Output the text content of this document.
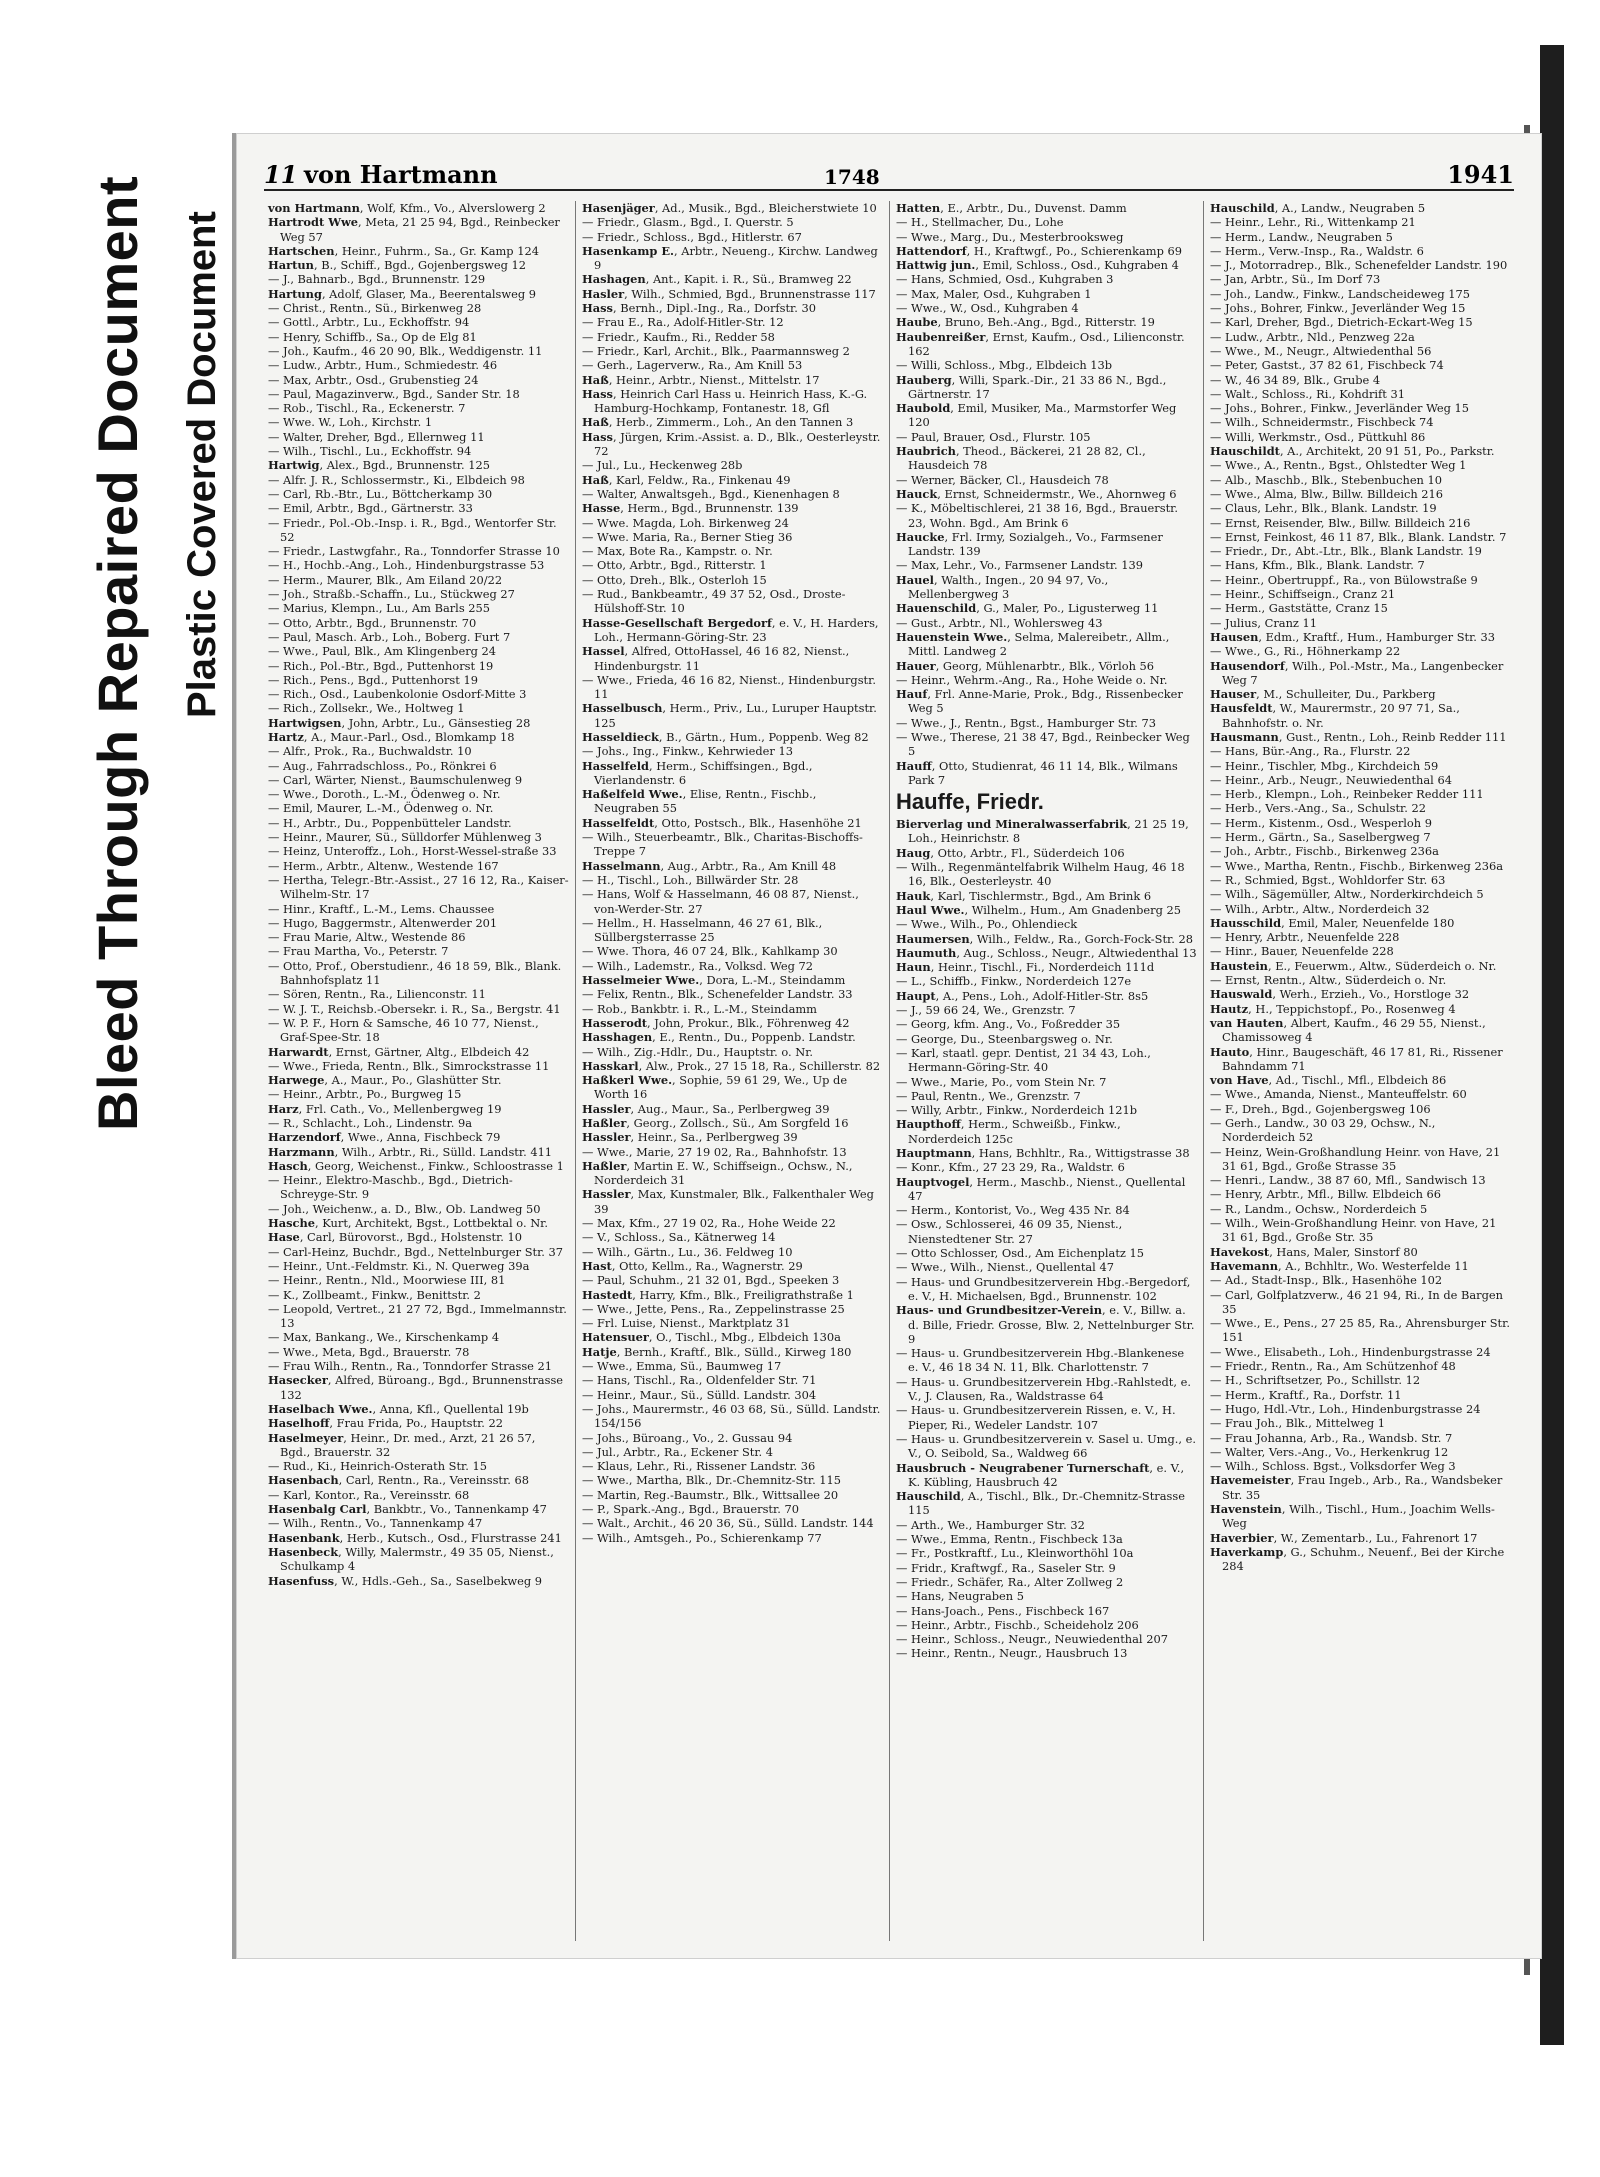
Bleed Through Repaired Document Plastic Covered Document
11 von Hartmann	1748	1941
von Hartmann, Wolf, Kfm., Vo., Alverslowerg 2
Hartrodt Wwe, Meta, 21 25 94, Bgd., Reinbecker Weg 57
Hartschen, Heinr., Fuhrm., Sa., Gr. Kamp 124
Hartun, B., Schiff., Bgd., Gojenbergsweg 12
— J., Bahnarb., Bgd., Brunnenstr. 129
Hartung, Adolf, Glaser, Ma., Beerentalsweg 9
— Christ., Rentn., Sü., Birkenweg 28
— Gottl., Arbtr., Lu., Eckhoffstr. 94
— Henry, Schiffb., Sa., Op de Elg 81
— Joh., Kaufm., 46 20 90, Blk., Weddigenstr. 11
— Ludw., Arbtr., Hum., Schmiedestr. 46
— Max, Arbtr., Osd., Grubenstieg 24
— Paul, Magazinverw., Bgd., Sander Str. 18
— Rob., Tischl., Ra., Eckenerstr. 7
— Wwe. W., Loh., Kirchstr. 1
— Walter, Dreher, Bgd., Ellernweg 11
— Wilh., Tischl., Lu., Eckhoffstr. 94
Hartwig, Alex., Bgd., Brunnenstr. 125
— Alfr. J. R., Schlossermstr., Ki., Elbdeich 98
— Carl, Rb.-Btr., Lu., Böttcherkamp 30
— Emil, Arbtr., Bgd., Gärtnerstr. 33
— Friedr., Pol.-Ob.-Insp. i. R., Bgd., Wentorfer Str. 52
— Friedr., Lastwgfahr., Ra., Tonndorfer Strasse 10
— H., Hochb.-Ang., Loh., Hindenburgstrasse 53
— Herm., Maurer, Blk., Am Eiland 20/22
— Joh., Straßb.-Schaffn., Lu., Stückweg 27
— Marius, Klempn., Lu., Am Barls 255
— Otto, Arbtr., Bgd., Brunnenstr. 70
— Paul, Masch. Arb., Loh., Boberg. Furt 7
— Wwe., Paul, Blk., Am Klingenberg 24
— Rich., Pol.-Btr., Bgd., Puttenhorst 19
— Rich., Pens., Bgd., Puttenhorst 19
— Rich., Osd., Laubenkolonie Osdorf-Mitte 3
— Rich., Zollsekr., We., Holtweg 1
Hartwigsen, John, Arbtr., Lu., Gänsestieg 28
Hartz, A., Maur.-Parl., Osd., Blomkamp 18
— Alfr., Prok., Ra., Buchwaldstr. 10
— Aug., Fahrradschloss., Po., Rönkrei 6
— Carl, Wärter, Nienst., Baumschulenweg 9
— Wwe., Doroth., L.-M., Ödenweg o. Nr.
— Emil, Maurer, L.-M., Ödenweg o. Nr.
— H., Arbtr., Du., Poppenbütteler Landstr.
— Heinr., Maurer, Sü., Sülldorfer Mühlenweg 3
— Heinz, Unteroffz., Loh., Horst-Wessel-straße 33
— Herm., Arbtr., Altenw., Westende 167
— Hertha, Telegr.-Btr.-Assist., 27 16 12, Ra., Kaiser-Wilhelm-Str. 17
— Hinr., Kraftf., L.-M., Lems. Chaussee
— Hugo, Baggermstr., Altenwerder 201
— Frau Marie, Altw., Westende 86
— Frau Martha, Vo., Peterstr. 7
— Otto, Prof., Oberstudienr., 46 18 59, Blk., Blank. Bahnhofsplatz 11
— Sören, Rentn., Ra., Lilienconstr. 11
— W. J. T., Reichsb.-Obersekr. i. R., Sa., Bergstr. 41
— W. P. F., Horn & Samsche, 46 10 77, Nienst., Graf-Spee-Str. 18
Harwardt, Ernst, Gärtner, Altg., Elbdeich 42
— Wwe., Frieda, Rentn., Blk., Simrockstrasse 11
Harwege, A., Maur., Po., Glashütter Str.
— Heinr., Arbtr., Po., Burgweg 15
Harz, Frl. Cath., Vo., Mellenbergweg 19
— R., Schlacht., Loh., Lindenstr. 9a
Harzendorf, Wwe., Anna, Fischbeck 79
Harzmann, Wilh., Arbtr., Ri., Sülld. Landstr. 411
Hasch, Georg, Weichenst., Finkw., Schloostrasse 1
— Heinr., Elektro-Maschb., Bgd., Dietrich-Schreyge-Str. 9
— Joh., Weichenw., a. D., Blw., Ob. Landweg 50
Hasche, Kurt, Architekt, Bgst., Lottbektal o. Nr.
Hase, Carl, Bürovorst., Bgd., Holstenstr. 10
— Carl-Heinz, Buchdr., Bgd., Nettelnburger Str. 37
— Heinr., Unt.-Feldmstr. Ki., N. Querweg 39a
— Heinr., Rentn., Nld., Moorwiese III, 81
— K., Zollbeamt., Finkw., Benittstr. 2
— Leopold, Vertret., 21 27 72, Bgd., Immelmannstr. 13
— Max, Bankang., We., Kirschenkamp 4
— Wwe., Meta, Bgd., Brauerstr. 78
— Frau Wilh., Rentn., Ra., Tonndorfer Strasse 21
Hasecker, Alfred, Büroang., Bgd., Brunnenstrasse 132
Haselbach Wwe., Anna, Kfl., Quellental 19b
Haselhoff, Frau Frida, Po., Hauptstr. 22
Haselmeyer, Heinr., Dr. med., Arzt, 21 26 57, Bgd., Brauerstr. 32
— Rud., Ki., Heinrich-Osterath Str. 15
Hasenbach, Carl, Rentn., Ra., Vereinsstr. 68
— Karl, Kontor., Ra., Vereinsstr. 68
Hasenbalg Carl, Bankbtr., Vo., Tannenkamp 47
— Wilh., Rentn., Vo., Tannenkamp 47
Hasenbank, Herb., Kutsch., Osd., Flurstrasse 241
Hasenbeck, Willy, Malermstr., 49 35 05, Nienst., Schulkamp 4
Hasenfuss, W., Hdls.-Geh., Sa., Saselbekweg 9
Hasenjäger, Ad., Musik., Bgd., Bleicherstwiete 10
— Friedr., Glasm., Bgd., I. Querstr. 5
— Friedr., Schloss., Bgd., Hitlerstr. 67
Hasenkamp E., Arbtr., Neueng., Kirchw. Landweg 9
Hashagen, Ant., Kapit. i. R., Sü., Bramweg 22
Hasler, Wilh., Schmied, Bgd., Brunnenstrasse 117
Hass, Bernh., Dipl.-Ing., Ra., Dorfstr. 30
— Frau E., Ra., Adolf-Hitler-Str. 12
— Friedr., Kaufm., Ri., Redder 58
— Friedr., Karl, Archit., Blk., Paarmannsweg 2
— Gerh., Lagerverw., Ra., Am Knill 53
Haß, Heinr., Arbtr., Nienst., Mittelstr. 17
Hass, Heinrich Carl Hass u. Heinrich Hass, K.-G. Hamburg-Hochkamp, Fontanestr. 18, Gfl
Haß, Herb., Zimmerm., Loh., An den Tannen 3
Hass, Jürgen, Krim.-Assist. a. D., Blk., Oesterleystr. 72
— Jul., Lu., Heckenweg 28b
Haß, Karl, Feldw., Ra., Finkenau 49
— Walter, Anwaltsgeh., Bgd., Kienenhagen 8
Hasse, Herm., Bgd., Brunnenstr. 139
— Wwe. Magda, Loh. Birkenweg 24
— Wwe. Maria, Ra., Berner Stieg 36
— Max, Bote Ra., Kampstr. o. Nr.
— Otto, Arbtr., Bgd., Ritterstr. 1
— Otto, Dreh., Blk., Osterloh 15
— Rud., Bankbeamtr., 49 37 52, Osd., Droste-Hülshoff-Str. 10
Hasse-Gesellschaft Bergedorf, e. V., H. Harders, Loh., Hermann-Göring-Str. 23
Hassel, Alfred, OttoHassel, 46 16 82, Nienst., Hindenburgstr. 11
— Wwe., Frieda, 46 16 82, Nienst., Hindenburgstr. 11
Hasselbusch, Herm., Priv., Lu., Luruper Hauptstr. 125
Hasseldieck, B., Gärtn., Hum., Poppenb. Weg 82
— Johs., Ing., Finkw., Kehrwieder 13
Hasselfeld, Herm., Schiffsingen., Bgd., Vierlandenstr. 6
Haßelfeld Wwe., Elise, Rentn., Fischb., Neugraben 55
Hasselfeldt, Otto, Postsch., Blk., Hasenhöhe 21
— Wilh., Steuerbeamtr., Blk., Charitas-Bischoffs-Treppe 7
Hasselmann, Aug., Arbtr., Ra., Am Knill 48
— H., Tischl., Loh., Billwärder Str. 28
— Hans, Wolf & Hasselmann, 46 08 87, Nienst., von-Werder-Str. 27
— Hellm., H. Hasselmann, 46 27 61, Blk., Süllbergsterrasse 25
— Wwe. Thora, 46 07 24, Blk., Kahlkamp 30
— Wilh., Lademstr., Ra., Volksd. Weg 72
Hasselmeier Wwe., Dora, L.-M., Steindamm
— Felix, Rentn., Blk., Schenefelder Landstr. 33
— Rob., Bankbtr. i. R., L.-M., Steindamm
Hasserodt, John, Prokur., Blk., Föhrenweg 42
Hasshagen, E., Rentn., Du., Poppenb. Landstr.
— Wilh., Zig.-Hdlr., Du., Hauptstr. o. Nr.
Hasskarl, Alw., Prok., 27 15 18, Ra., Schillerstr. 82
Haßkerl Wwe., Sophie, 59 61 29, We., Up de Worth 16
Hassler, Aug., Maur., Sa., Perlbergweg 39
Haßler, Georg., Zollsch., Sü., Am Sorgfeld 16
Hassler, Heinr., Sa., Perlbergweg 39
— Wwe., Marie, 27 19 02, Ra., Bahnhofstr. 13
Haßler, Martin E. W., Schiffseign., Ochsw., N., Norderdeich 31
Hassler, Max, Kunstmaler, Blk., Falkenthaler Weg 39
— Max, Kfm., 27 19 02, Ra., Hohe Weide 22
— V., Schloss., Sa., Kätnerweg 14
— Wilh., Gärtn., Lu., 36. Feldweg 10
Hast, Otto, Kellm., Ra., Wagnerstr. 29
— Paul, Schuhm., 21 32 01, Bgd., Speeken 3
Hastedt, Harry, Kfm., Blk., Freiligrathstraße 1
— Wwe., Jette, Pens., Ra., Zeppelinstrasse 25
— Frl. Luise, Nienst., Marktplatz 31
Hatensuer, O., Tischl., Mbg., Elbdeich 130a
Hatje, Bernh., Kraftf., Blk., Sülld., Kirweg 180
— Wwe., Emma, Sü., Baumweg 17
— Hans, Tischl., Ra., Oldenfelder Str. 71
— Heinr., Maur., Sü., Sülld. Landstr. 304
— Johs., Maurermstr., 46 03 68, Sü., Sülld. Landstr. 154/156
— Johs., Büroang., Vo., 2. Gussau 94
— Jul., Arbtr., Ra., Eckener Str. 4
— Klaus, Lehr., Ri., Rissener Landstr. 36
— Wwe., Martha, Blk., Dr.-Chemnitz-Str. 115
— Martin, Reg.-Baumstr., Blk., Wittsallee 20
— P., Spark.-Ang., Bgd., Brauerstr. 70
— Walt., Archit., 46 20 36, Sü., Sülld. Landstr. 144
— Wilh., Amtsgeh., Po., Schierenkamp 77
Hatten, E., Arbtr., Du., Duvenst. Damm
— H., Stellmacher, Du., Lohe
— Wwe., Marg., Du., Mesterbrooksweg
Hattendorf, H., Kraftwgf., Po., Schierenkamp 69
Hattwig jun., Emil, Schloss., Osd., Kuhgraben 4
— Hans, Schmied, Osd., Kuhgraben 3
— Max, Maler, Osd., Kuhgraben 1
— Wwe., W., Osd., Kuhgraben 4
Haube, Bruno, Beh.-Ang., Bgd., Ritterstr. 19
Haubenreißer, Ernst, Kaufm., Osd., Lilienconstr. 162
— Willi, Schloss., Mbg., Elbdeich 13b
Hauberg, Willi, Spark.-Dir., 21 33 86 N., Bgd., Gärtnerstr. 17
Haubold, Emil, Musiker, Ma., Marmstorfer Weg 120
— Paul, Brauer, Osd., Flurstr. 105
Haubrich, Theod., Bäckerei, 21 28 82, Cl., Hausdeich 78
— Werner, Bäcker, Cl., Hausdeich 78
Hauck, Ernst, Schneidermstr., We., Ahornweg 6
— K., Möbeltischlerei, 21 38 16, Bgd., Brauerstr. 23, Wohn. Bgd., Am Brink 6
Haucke, Frl. Irmy, Sozialgeh., Vo., Farmsener Landstr. 139
— Max, Lehr., Vo., Farmsener Landstr. 139
Hauel, Walth., Ingen., 20 94 97, Vo., Mellenbergweg 3
Hauenschild, G., Maler, Po., Ligusterweg 11
— Gust., Arbtr., Nl., Wohlersweg 43
Hauenstein Wwe., Selma, Malereibetr., Allm., Mittl. Landweg 2
Hauer, Georg, Mühlenarbtr., Blk., Vörloh 56
— Heinr., Wehrm.-Ang., Ra., Hohe Weide o. Nr.
Hauf, Frl. Anne-Marie, Prok., Bdg., Rissenbecker Weg 5
— Wwe., J., Rentn., Bgst., Hamburger Str. 73
— Wwe., Therese, 21 38 47, Bgd., Reinbecker Weg 5
Hauff, Otto, Studienrat, 46 11 14, Blk., Wilmans Park 7
Hauffe, Friedr.
Bierverlag und Mineralwasserfabrik, 21 25 19, Loh., Heinrichstr. 8
Haug, Otto, Arbtr., Fl., Süderdeich 106
— Wilh., Regenmäntelfabrik Wilhelm Haug, 46 18 16, Blk., Oesterleystr. 40
Hauk, Karl, Tischlermstr., Bgd., Am Brink 6
Haul Wwe., Wilhelm., Hum., Am Gnadenberg 25
— Wwe., Wilh., Po., Ohlendieck
Haumersen, Wilh., Feldw., Ra., Gorch-Fock-Str. 28
Haumuth, Aug., Schloss., Neugr., Altwiedenthal 13
Haun, Heinr., Tischl., Fi., Norderdeich 111d
— L., Schiffb., Finkw., Norderdeich 127e
Haupt, A., Pens., Loh., Adolf-Hitler-Str. 8s5
— J., 59 66 24, We., Grenzstr. 7
— Georg, kfm. Ang., Vo., Foßredder 35
— George, Du., Steenbargsweg o. Nr.
— Karl, staatl. gepr. Dentist, 21 34 43, Loh., Hermann-Göring-Str. 40
— Wwe., Marie, Po., vom Stein Nr. 7
— Paul, Rentn., We., Grenzstr. 7
— Willy, Arbtr., Finkw., Norderdeich 121b
Haupthoff, Herm., Schweißb., Finkw., Norderdeich 125c
Hauptmann, Hans, Bchhltr., Ra., Wittigstrasse 38
— Konr., Kfm., 27 23 29, Ra., Waldstr. 6
Hauptvogel, Herm., Maschb., Nienst., Quellental 47
— Herm., Kontorist, Vo., Weg 435 Nr. 84
— Osw., Schlosserei, 46 09 35, Nienst., Nienstedtener Str. 27
— Otto Schlosser, Osd., Am Eichenplatz 15
— Wwe., Wilh., Nienst., Quellental 47
— Haus- und Grundbesitzerverein Hbg.-Bergedorf, e. V., H. Michaelsen, Bgd., Brunnenstr. 102
Haus- und Grundbesitzer-Verein, e. V., Billw. a. d. Bille, Friedr. Grosse, Blw. 2, Nettelnburger Str. 9
— Haus- u. Grundbesitzerverein Hbg.-Blankenese e. V., 46 18 34 N. 11, Blk. Charlottenstr. 7
— Haus- u. Grundbesitzerverein Hbg.-Rahlstedt, e. V., J. Clausen, Ra., Waldstrasse 64
— Haus- u. Grundbesitzerverein Rissen, e. V., H. Pieper, Ri., Wedeler Landstr. 107
— Haus- u. Grundbesitzerverein v. Sasel u. Umg., e. V., O. Seibold, Sa., Waldweg 66
Hausbruch - Neugrabener Turnerschaft, e. V., K. Kübling, Hausbruch 42
Hauschild, A., Tischl., Blk., Dr.-Chemnitz-Strasse 115
— Arth., We., Hamburger Str. 32
— Wwe., Emma, Rentn., Fischbeck 13a
— Fr., Postkraftf., Lu., Kleinworthöhl 10a
— Fridr., Kraftwgf., Ra., Saseler Str. 9
— Friedr., Schäfer, Ra., Alter Zollweg 2
— Hans, Neugraben 5
— Hans-Joach., Pens., Fischbeck 167
— Heinr., Arbtr., Fischb., Scheideholz 206
— Heinr., Schloss., Neugr., Neuwiedenthal 207
— Heinr., Rentn., Neugr., Hausbruch 13
Hauschild, A., Landw., Neugraben 5
— Heinr., Lehr., Ri., Wittenkamp 21
— Herm., Landw., Neugraben 5
— Herm., Verw.-Insp., Ra., Waldstr. 6
— J., Motorradrep., Blk., Schenefelder Landstr. 190
— Jan, Arbtr., Sü., Im Dorf 73
— Joh., Landw., Finkw., Landscheideweg 175
— Johs., Bohrer, Finkw., Jeverländer Weg 15
— Karl, Dreher, Bgd., Dietrich-Eckart-Weg 15
— Ludw., Arbtr., Nld., Penzweg 22a
— Wwe., M., Neugr., Altwiedenthal 56
— Peter, Gastst., 37 82 61, Fischbeck 74
— W., 46 34 89, Blk., Grube 4
— Walt., Schloss., Ri., Kohdrift 31
— Johs., Bohrer., Finkw., Jeverländer Weg 15
— Wilh., Schneidermstr., Fischbeck 74
— Willi, Werkmstr., Osd., Püttkuhl 86
Hauschildt, A., Architekt, 20 91 51, Po., Parkstr.
— Wwe., A., Rentn., Bgst., Ohlstedter Weg 1
— Alb., Maschb., Blk., Stebenbuchen 10
— Wwe., Alma, Blw., Billw. Billdeich 216
— Claus, Lehr., Blk., Blank. Landstr. 19
— Ernst, Reisender, Blw., Billw. Billdeich 216
— Ernst, Feinkost, 46 11 87, Blk., Blank. Landstr. 7
— Friedr., Dr., Abt.-Ltr., Blk., Blank Landstr. 19
— Hans, Kfm., Blk., Blank. Landstr. 7
— Heinr., Obertruppf., Ra., von Bülowstraße 9
— Heinr., Schiffseign., Cranz 21
— Herm., Gaststätte, Cranz 15
— Julius, Cranz 11
Hausen, Edm., Kraftf., Hum., Hamburger Str. 33
— Wwe., G., Ri., Höhnerkamp 22
Hausendorf, Wilh., Pol.-Mstr., Ma., Langenbecker Weg 7
Hauser, M., Schulleiter, Du., Parkberg
Hausfeldt, W., Maurermstr., 20 97 71, Sa., Bahnhofstr. o. Nr.
Hausmann, Gust., Rentn., Loh., Reinb Redder 111
— Hans, Bür.-Ang., Ra., Flurstr. 22
— Heinr., Tischler, Mbg., Kirchdeich 59
— Heinr., Arb., Neugr., Neuwiedenthal 64
— Herb., Klempn., Loh., Reinbeker Redder 111
— Herb., Vers.-Ang., Sa., Schulstr. 22
— Herm., Kistenm., Osd., Wesperloh 9
— Herm., Gärtn., Sa., Saselbergweg 7
— Joh., Arbtr., Fischb., Birkenweg 236a
— Wwe., Martha, Rentn., Fischb., Birkenweg 236a
— R., Schmied, Bgst., Wohldorfer Str. 63
— Wilh., Sägemüller, Altw., Norderkirchdeich 5
— Wilh., Arbtr., Altw., Norderdeich 32
Hausschild, Emil, Maler, Neuenfelde 180
— Henry, Arbtr., Neuenfelde 228
— Hinr., Bauer, Neuenfelde 228
Haustein, E., Feuerwm., Altw., Süderdeich o. Nr.
— Ernst, Rentn., Altw., Süderdeich o. Nr.
Hauswald, Werh., Erzieh., Vo., Horstloge 32
Hautz, H., Teppichstopf., Po., Rosenweg 4
van Hauten, Albert, Kaufm., 46 29 55, Nienst., Chamissoweg 4
Hauto, Hinr., Baugeschäft, 46 17 81, Ri., Rissener Bahndamm 71
von Have, Ad., Tischl., Mfl., Elbdeich 86
— Wwe., Amanda, Nienst., Manteuffelstr. 60
— F., Dreh., Bgd., Gojenbergsweg 106
— Gerh., Landw., 30 03 29, Ochsw., N., Norderdeich 52
— Heinz, Wein-Großhandlung Heinr. von Have, 21 31 61, Bgd., Große Strasse 35
— Henri., Landw., 38 87 60, Mfl., Sandwisch 13
— Henry, Arbtr., Mfl., Billw. Elbdeich 66
— R., Landm., Ochsw., Norderdeich 5
— Wilh., Wein-Großhandlung Heinr. von Have, 21 31 61, Bgd., Große Str. 35
Havekost, Hans, Maler, Sinstorf 80
Havemann, A., Bchhltr., Wo. Westerfelde 11
— Ad., Stadt-Insp., Blk., Hasenhöhe 102
— Carl, Golfplatzverw., 46 21 94, Ri., In de Bargen 35
— Wwe., E., Pens., 27 25 85, Ra., Ahrensburger Str. 151
— Wwe., Elisabeth., Loh., Hindenburgstrasse 24
— Friedr., Rentn., Ra., Am Schützenhof 48
— H., Schriftsetzer, Po., Schillstr. 12
— Herm., Kraftf., Ra., Dorfstr. 11
— Hugo, Hdl.-Vtr., Loh., Hindenburgstrasse 24
— Frau Joh., Blk., Mittelweg 1
— Frau Johanna, Arb., Ra., Wandsb. Str. 7
— Walter, Vers.-Ang., Vo., Herkenkrug 12
— Wilh., Schloss. Bgst., Volksdorfer Weg 3
Havemeister, Frau Ingeb., Arb., Ra., Wandsbeker Str. 35
Havenstein, Wilh., Tischl., Hum., Joachim Wells-Weg
Haverbier, W., Zementarb., Lu., Fahrenort 17
Haverkamp, G., Schuhm., Neuenf., Bei der Kirche 284
